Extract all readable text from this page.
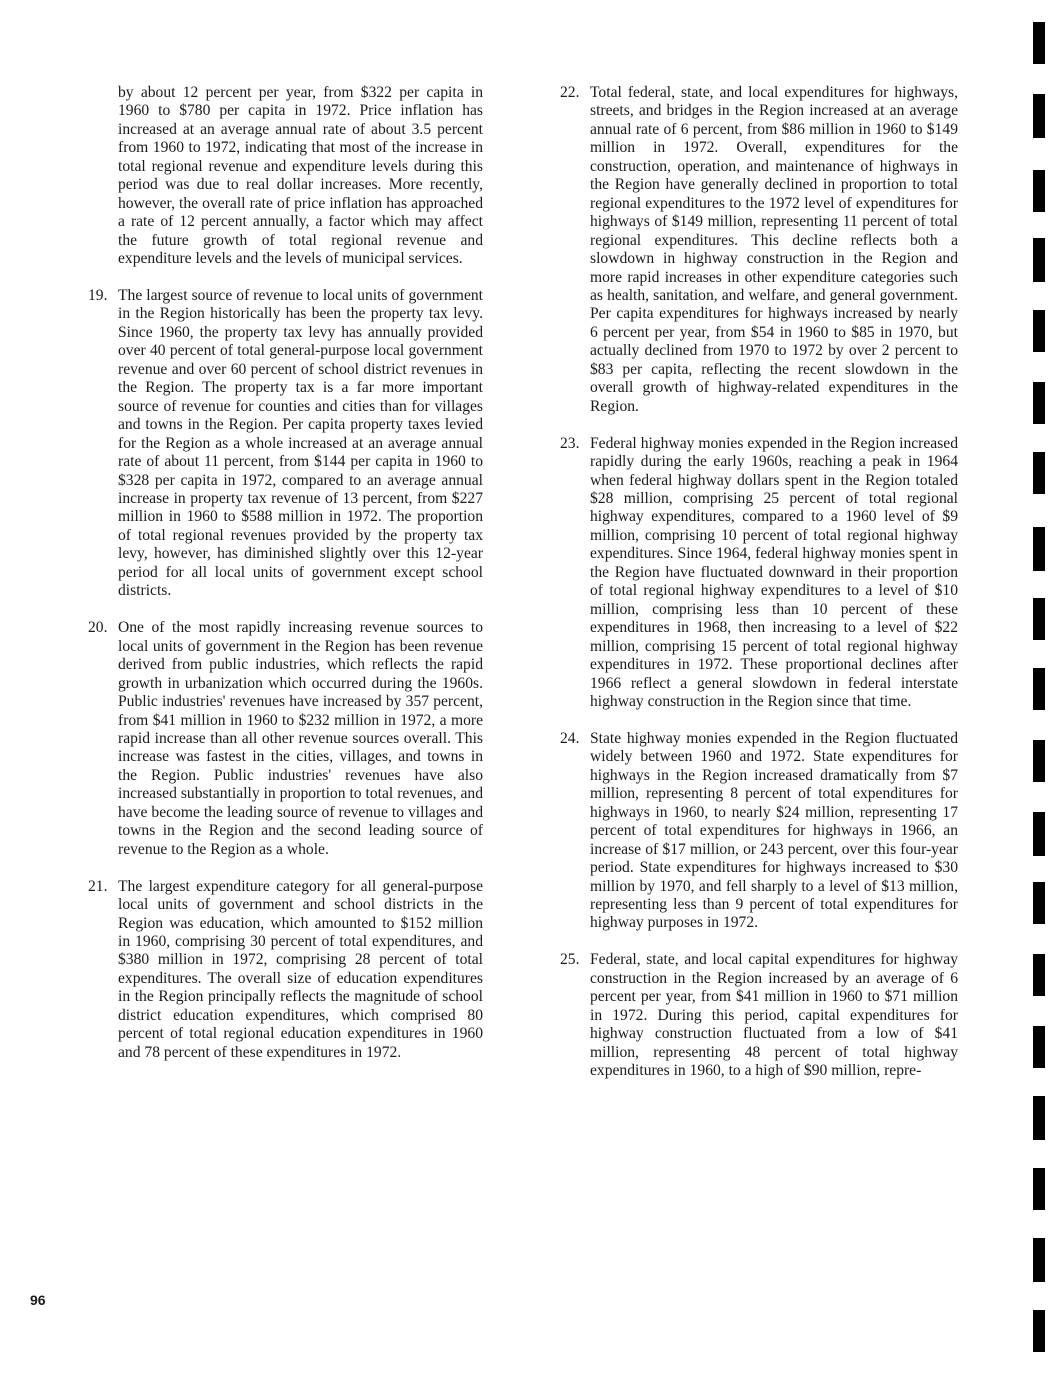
by about 12 percent per year, from $322 per capita in 1960 to $780 per capita in 1972. Price inflation has increased at an average annual rate of about 3.5 percent from 1960 to 1972, indicating that most of the increase in total regional revenue and expenditure levels during this period was due to real dollar increases. More recently, however, the overall rate of price inflation has approached a rate of 12 percent annually, a factor which may affect the future growth of total regional revenue and expenditure levels and the levels of municipal services.

19. The largest source of revenue to local units of government in the Region historically has been the property tax levy. Since 1960, the property tax levy has annually provided over 40 percent of total general-purpose local government revenue and over 60 percent of school district revenues in the Region. The property tax is a far more important source of revenue for counties and cities than for villages and towns in the Region. Per capita property taxes levied for the Region as a whole increased at an average annual rate of about 11 percent, from $144 per capita in 1960 to $328 per capita in 1972, compared to an average annual increase in property tax revenue of 13 percent, from $227 million in 1960 to $588 million in 1972. The proportion of total regional revenues provided by the property tax levy, however, has diminished slightly over this 12-year period for all local units of government except school districts.

20. One of the most rapidly increasing revenue sources to local units of government in the Region has been revenue derived from public industries, which reflects the rapid growth in urbanization which occurred during the 1960s. Public industries' revenues have increased by 357 percent, from $41 million in 1960 to $232 million in 1972, a more rapid increase than all other revenue sources overall. This increase was fastest in the cities, villages, and towns in the Region. Public industries' revenues have also increased substantially in proportion to total revenues, and have become the leading source of revenue to villages and towns in the Region and the second leading source of revenue to the Region as a whole.

21. The largest expenditure category for all general-purpose local units of government and school districts in the Region was education, which amounted to $152 million in 1960, comprising 30 percent of total expenditures, and $380 million in 1972, comprising 28 percent of total expenditures. The overall size of education expenditures in the Region principally reflects the magnitude of school district education expenditures, which comprised 80 percent of total regional education expenditures in 1960 and 78 percent of these expenditures in 1972.

22. Total federal, state, and local expenditures for highways, streets, and bridges in the Region increased at an average annual rate of 6 percent, from $86 million in 1960 to $149 million in 1972. Overall, expenditures for the construction, operation, and maintenance of highways in the Region have generally declined in proportion to total regional expenditures to the 1972 level of expenditures for highways of $149 million, representing 11 percent of total regional expenditures. This decline reflects both a slowdown in highway construction in the Region and more rapid increases in other expenditure categories such as health, sanitation, and welfare, and general government. Per capita expenditures for highways increased by nearly 6 percent per year, from $54 in 1960 to $85 in 1970, but actually declined from 1970 to 1972 by over 2 percent to $83 per capita, reflecting the recent slowdown in the overall growth of highway-related expenditures in the Region.

23. Federal highway monies expended in the Region increased rapidly during the early 1960s, reaching a peak in 1964 when federal highway dollars spent in the Region totaled $28 million, comprising 25 percent of total regional highway expenditures, compared to a 1960 level of $9 million, comprising 10 percent of total regional highway expenditures. Since 1964, federal highway monies spent in the Region have fluctuated downward in their proportion of total regional highway expenditures to a level of $10 million, comprising less than 10 percent of these expenditures in 1968, then increasing to a level of $22 million, comprising 15 percent of total regional highway expenditures in 1972. These proportional declines after 1966 reflect a general slowdown in federal interstate highway construction in the Region since that time.

24. State highway monies expended in the Region fluctuated widely between 1960 and 1972. State expenditures for highways in the Region increased dramatically from $7 million, representing 8 percent of total expenditures for highways in 1960, to nearly $24 million, representing 17 percent of total expenditures for highways in 1966, an increase of $17 million, or 243 percent, over this four-year period. State expenditures for highways increased to $30 million by 1970, and fell sharply to a level of $13 million, representing less than 9 percent of total expenditures for highway purposes in 1972.

25. Federal, state, and local capital expenditures for highway construction in the Region increased by an average of 6 percent per year, from $41 million in 1960 to $71 million in 1972. During this period, capital expenditures for highway construction fluctuated from a low of $41 million, representing 48 percent of total highway expenditures in 1960, to a high of $90 million, repre-

96
